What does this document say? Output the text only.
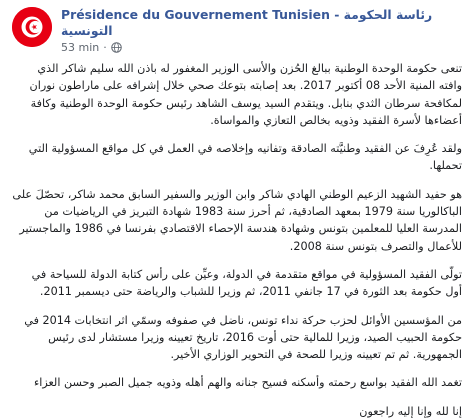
Présidence du Gouvernement Tunisien - رئاسة الحكومة
التونسية
53 min ·

تنعى حكومة الوحدة الوطنية ببالغ الحُزن والأسى الوزير المغفور له باذن الله سليم شاكر الذي وافته المنية الأحد 08 أكتوبر 2017. بعد إصابته بتوعك صحي خلال إشرافه على ماراطون نوران لمكافحة سرطان الثدي بنابل. ويتقدم السيد يوسف الشاهد رئيس حكومة الوحدة الوطنية وكافة أعضاءها لأسرة الفقيد وذويه بخالص التعازي والمواساة.

ولقد عُرِفَ عن الفقيد وطنيَّته الصادقة وتفانيه وإخلاصه في العمل في كل مواقع المسؤولية التي تحملها.

هو حفيد الشهيد الزعيم الوطني الهادي شاكر وابن الوزير والسفير السابق محمد شاكر، تحصّلَ على الباكالوريا سنة 1979 بمعهد الصادقية، ثم أحرز سنة 1983 شهادة التبريز في الرياضيات من المدرسة العليا للمعلمين بتونس وشهادة هندسة الإحصاء الاقتصادي بفرنسا في 1986 والماجستير للأعمال والتصرف بتونس سنة 2008.

تولّى الفقيد المسؤولية في مواقع متقدمة في الدولة، وعيِّن على رأس كتابة الدولة للسياحة في أول حكومة بعد الثورة في 17 جانفي 2011، ثم وزيرا للشباب والرياضة حتى ديسمبر 2011.

من المؤسسين الأوائل لحزب حركة نداء تونس، ناضل في صفوفه وسمّي اثر انتخابات 2014 في حكومة الحبيب الصيد، وزيرا للمالية حتى أوت 2016، تاريخ تعيينه وزيرا مستشار لدى رئيس الجمهورية. ثم تم تعيينه وزيرا للصحة في التحوير الوزاري الأخير.

تغمد الله الفقيد بواسع رحمته وأسكنه فسيح جنانه والهم أهله وذويه جميل الصبر وحسن العزاء

إنا لله وإنا إليه راجعون
